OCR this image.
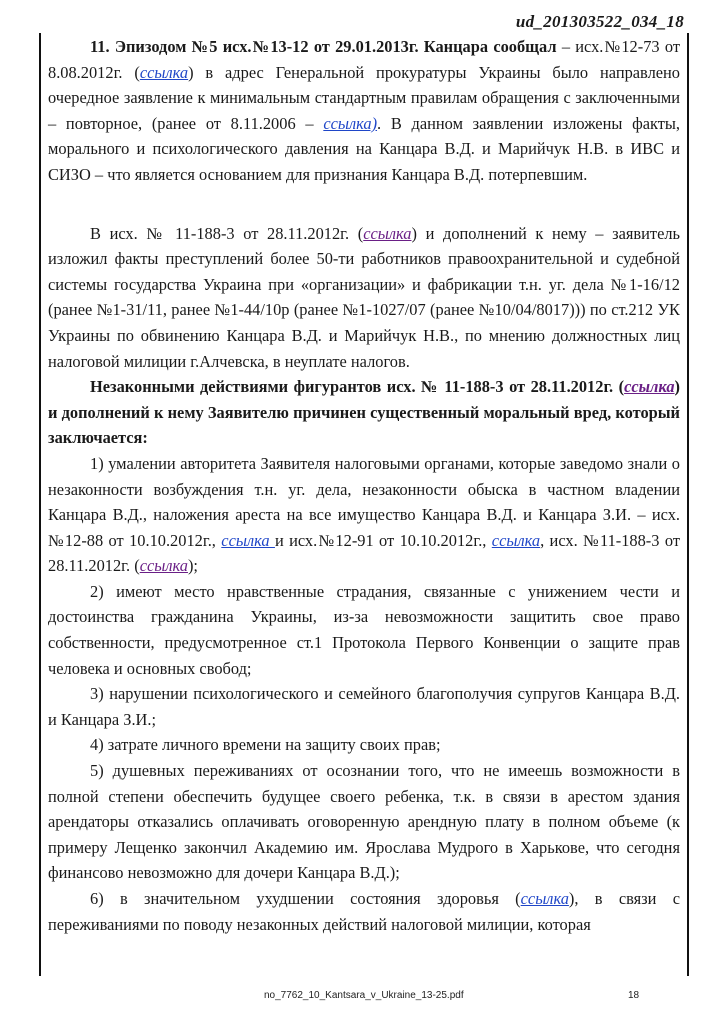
ud_201303522_034_18

11. Эпизодом №5 исх.№13-12 от 29.01.2013г. Канцара сообщал – исх.№12-73 от 8.08.2012г. (ссылка) в адрес Генеральной прокуратуры Украины было направлено очередное заявление к минимальным стандартным правилам обращения с заключенными – повторное, (ранее от 8.11.2006 – ссылка). В данном заявлении изложены факты, морального и психологического давления на Канцара В.Д. и Марийчук Н.В. в ИВС и СИЗО – что является основанием для признания Канцара В.Д. потерпевшим.

В исх. № 11-188-3 от 28.11.2012г. (ссылка) и дополнений к нему – заявитель изложил факты преступлений более 50-ти работников правоохранительной и судебной системы государства Украина при «организации» и фабрикации т.н. уг. дела №1-16/12 (ранее №1-31/11, ранее №1-44/10р (ранее №1-1027/07 (ранее №10/04/8017))) по ст.212 УК Украины по обвинению Канцара В.Д. и Марийчук Н.В., по мнению должностных лиц налоговой милиции г.Алчевска, в неуплате налогов.

Незаконными действиями фигурантов исх. № 11-188-3 от 28.11.2012г. (ссылка) и дополнений к нему Заявителю причинен существенный моральный вред, который заключается:

1) умалении авторитета Заявителя налоговыми органами, которые заведомо знали о незаконности возбуждения т.н. уг. дела, незаконности обыска в частном владении Канцара В.Д., наложения ареста на все имущество Канцара В.Д. и Канцара З.И. – исх.№12-88 от 10.10.2012г., ссылка и исх.№12-91 от 10.10.2012г., ссылка, исх. №11-188-3 от 28.11.2012г. (ссылка);

2) имеют место нравственные страдания, связанные с унижением чести и достоинства гражданина Украины, из-за невозможности защитить свое право собственности, предусмотренное ст.1 Протокола Первого Конвенции о защите прав человека и основных свобод;

3) нарушении психологического и семейного благополучия супругов Канцара В.Д. и Канцара З.И.;

4) затрате личного времени на защиту своих прав;

5) душевных переживаниях от осознании того, что не имеешь возможности в полной степени обеспечить будущее своего ребенка, т.к. в связи в арестом здания арендаторы отказались оплачивать оговоренную арендную плату в полном объеме (к примеру Лещенко закончил Академию им. Ярослава Мудрого в Харькове, что сегодня финансово невозможно для дочери Канцара В.Д.);

6) в значительном ухудшении состояния здоровья (ссылка), в связи с переживаниями по поводу незаконных действий налоговой милиции, которая

no_7762_10_Kantsara_v_Ukraine_13-25.pdf	18
